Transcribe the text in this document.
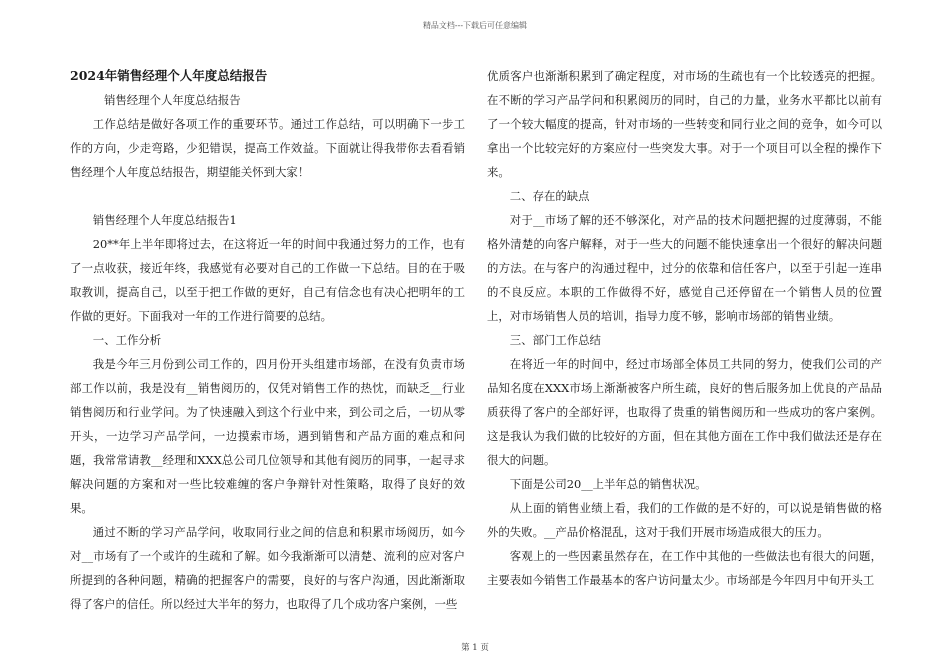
精品文档---下载后可任意编辑

2024年销售经理个人年度总结报告

销售经理个人年度总结报告

工作总结是做好各项工作的重要环节。通过工作总结，可以明确下一步工作的方向，少走弯路，少犯错误，提高工作效益。下面就让得我带你去看看销售经理个人年度总结报告，期望能关怀到大家！

销售经理个人年度总结报告1

20**年上半年即将过去，在这将近一年的时间中我通过努力的工作，也有了一点收获，接近年终，我感觉有必要对自己的工作做一下总结。目的在于吸取教训，提高自己，以至于把工作做的更好，自己有信念也有决心把明年的工作做的更好。下面我对一年的工作进行简要的总结。

一、工作分析

我是今年三月份到公司工作的，四月份开头组建市场部，在没有负责市场部工作以前，我是没有__销售阅历的，仅凭对销售工作的热忱，而缺乏__行业销售阅历和行业学问。为了快速融入到这个行业中来，到公司之后，一切从零开头，一边学习产品学问，一边摸索市场，遇到销售和产品方面的难点和问题，我常常请教__经理和XXX总公司几位领导和其他有阅历的同事，一起寻求解决问题的方案和对一些比较难缠的客户争辩针对性策略，取得了良好的效果。

通过不断的学习产品学问，收取同行业之间的信息和积累市场阅历，如今对__市场有了一个或许的生疏和了解。如今我渐渐可以清楚、流利的应对客户所提到的各种问题，精确的把握客户的需要，良好的与客户沟通，因此渐渐取得了客户的信任。所以经过大半年的努力，也取得了几个成功客户案例，一些

优质客户也渐渐积累到了确定程度，对市场的生疏也有一个比较透亮的把握。在不断的学习产品学问和积累阅历的同时，自己的力量，业务水平都比以前有了一个较大幅度的提高，针对市场的一些转变和同行业之间的竞争，如今可以拿出一个比较完好的方案应付一些突发大事。对于一个项目可以全程的操作下来。

二、存在的缺点

对于__市场了解的还不够深化，对产品的技术问题把握的过度薄弱，不能格外清楚的向客户解释，对于一些大的问题不能快速拿出一个很好的解决问题的方法。在与客户的沟通过程中，过分的依靠和信任客户，以至于引起一连串的不良反应。本职的工作做得不好，感觉自己还停留在一个销售人员的位置上，对市场销售人员的培训，指导力度不够，影响市场部的销售业绩。

三、部门工作总结

在将近一年的时间中，经过市场部全体员工共同的努力，使我们公司的产品知名度在XXX市场上渐渐被客户所生疏，良好的售后服务加上优良的产品品质获得了客户的全部好评，也取得了贵重的销售阅历和一些成功的客户案例。这是我认为我们做的比较好的方面，但在其他方面在工作中我们做法还是存在很大的问题。

下面是公司20__上半年总的销售状况。

从上面的销售业绩上看，我们的工作做的是不好的，可以说是销售做的格外的失败。__产品价格混乱，这对于我们开展市场造成很大的压力。

客观上的一些因素虽然存在，在工作中其他的一些做法也有很大的问题，主要表如今销售工作最基本的客户访问量太少。市场部是今年四月中旬开头工

第 1 页
